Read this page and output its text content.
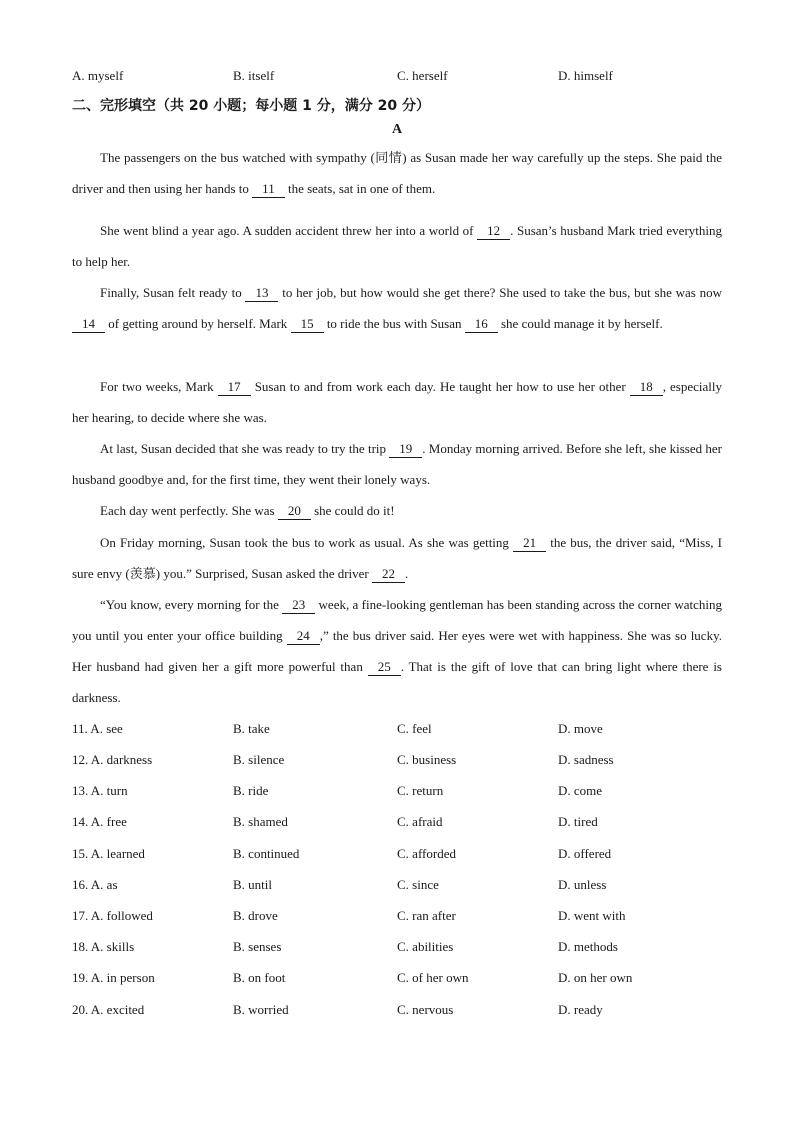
A. myself	B. itself	C. herself	D. himself
二、完形填空（共 20 小题；每小题 1 分，满分 20 分）
A
The passengers on the bus watched with sympathy (同情) as Susan made her way carefully up the steps. She paid the driver and then using her hands to 11 the seats, sat in one of them.
She went blind a year ago. A sudden accident threw her into a world of 12 . Susan’s husband Mark tried everything to help her.
Finally, Susan felt ready to 13 to her job, but how would she get there? She used to take the bus, but she was now 14 of getting around by herself. Mark 15 to ride the bus with Susan 16 she could manage it by herself.
For two weeks, Mark 17 Susan to and from work each day. He taught her how to use her other 18 , especially her hearing, to decide where she was.
At last, Susan decided that she was ready to try the trip 19 . Monday morning arrived. Before she left, she kissed her husband goodbye and, for the first time, they went their lonely ways.
Each day went perfectly. She was 20 she could do it!
On Friday morning, Susan took the bus to work as usual. As she was getting 21 the bus, the driver said, “Miss, I sure envy (羡慕) you.” Surprised, Susan asked the driver 22 .
“You know, every morning for the 23 week, a fine-looking gentleman has been standing across the corner watching you until you enter your office building 24 ,” the bus driver said. Her eyes were wet with happiness. She was so lucky. Her husband had given her a gift more powerful than 25 . That is the gift of love that can bring light where there is darkness.
11. A. see	B. take	C. feel	D. move
12. A. darkness	B. silence	C. business	D. sadness
13. A. turn	B. ride	C. return	D. come
14. A. free	B. shamed	C. afraid	D. tired
15. A. learned	B. continued	C. afforded	D. offered
16. A. as	B. until	C. since	D. unless
17. A. followed	B. drove	C. ran after	D. went with
18. A. skills	B. senses	C. abilities	D. methods
19. A. in person	B. on foot	C. of her own	D. on her own
20. A. excited	B. worried	C. nervous	D. ready
